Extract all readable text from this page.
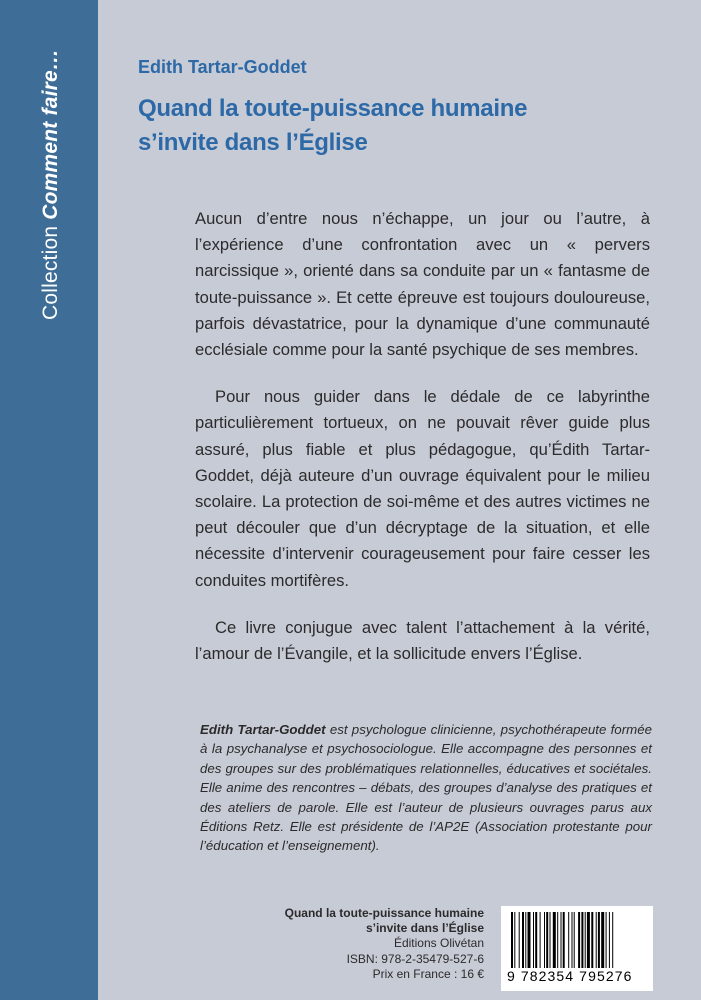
Collection Comment faire…	Edith Tartar-Goddet
Quand la toute-puissance humaine
s’invite dans l’Église

Aucun d’entre nous n’échappe, un jour ou l’autre, à l’expérience d’une confrontation avec un « pervers narcissique », orienté dans sa conduite par un « fantasme de toute-puissance ». Et cette épreuve est toujours douloureuse, parfois dévastatrice, pour la dynamique d’une communauté ecclésiale comme pour la santé psychique de ses membres.

Pour nous guider dans le dédale de ce labyrinthe particulièrement tortueux, on ne pouvait rêver guide plus assuré, plus fiable et plus pédagogue, qu’Édith Tartar-Goddet, déjà auteure d’un ouvrage équivalent pour le milieu scolaire. La protection de soi-même et des autres victimes ne peut découler que d’un décryptage de la situation, et elle nécessite d’intervenir courageusement pour faire cesser les conduites mortifères.

Ce livre conjugue avec talent l’attachement à la vérité, l’amour de l’Évangile, et la sollicitude envers l’Église.

Edith Tartar-Goddet est psychologue clinicienne, psychothérapeute formée à la psychanalyse et psychosociologue. Elle accompagne des personnes et des groupes sur des problématiques relationnelles, éducatives et sociétales. Elle anime des rencontres – débats, des groupes d’analyse des pratiques et des ateliers de parole. Elle est l’auteur de plusieurs ouvrages parus aux Éditions Retz. Elle est présidente de l’AP2E (Association protestante pour l’éducation et l’enseignement).
Quand la toute-puissance humaine
s’invite dans l’Église
Éditions Olivétan
ISBN: 978-2-35479-527-6
Prix en France : 16 € 9 782354 795276
